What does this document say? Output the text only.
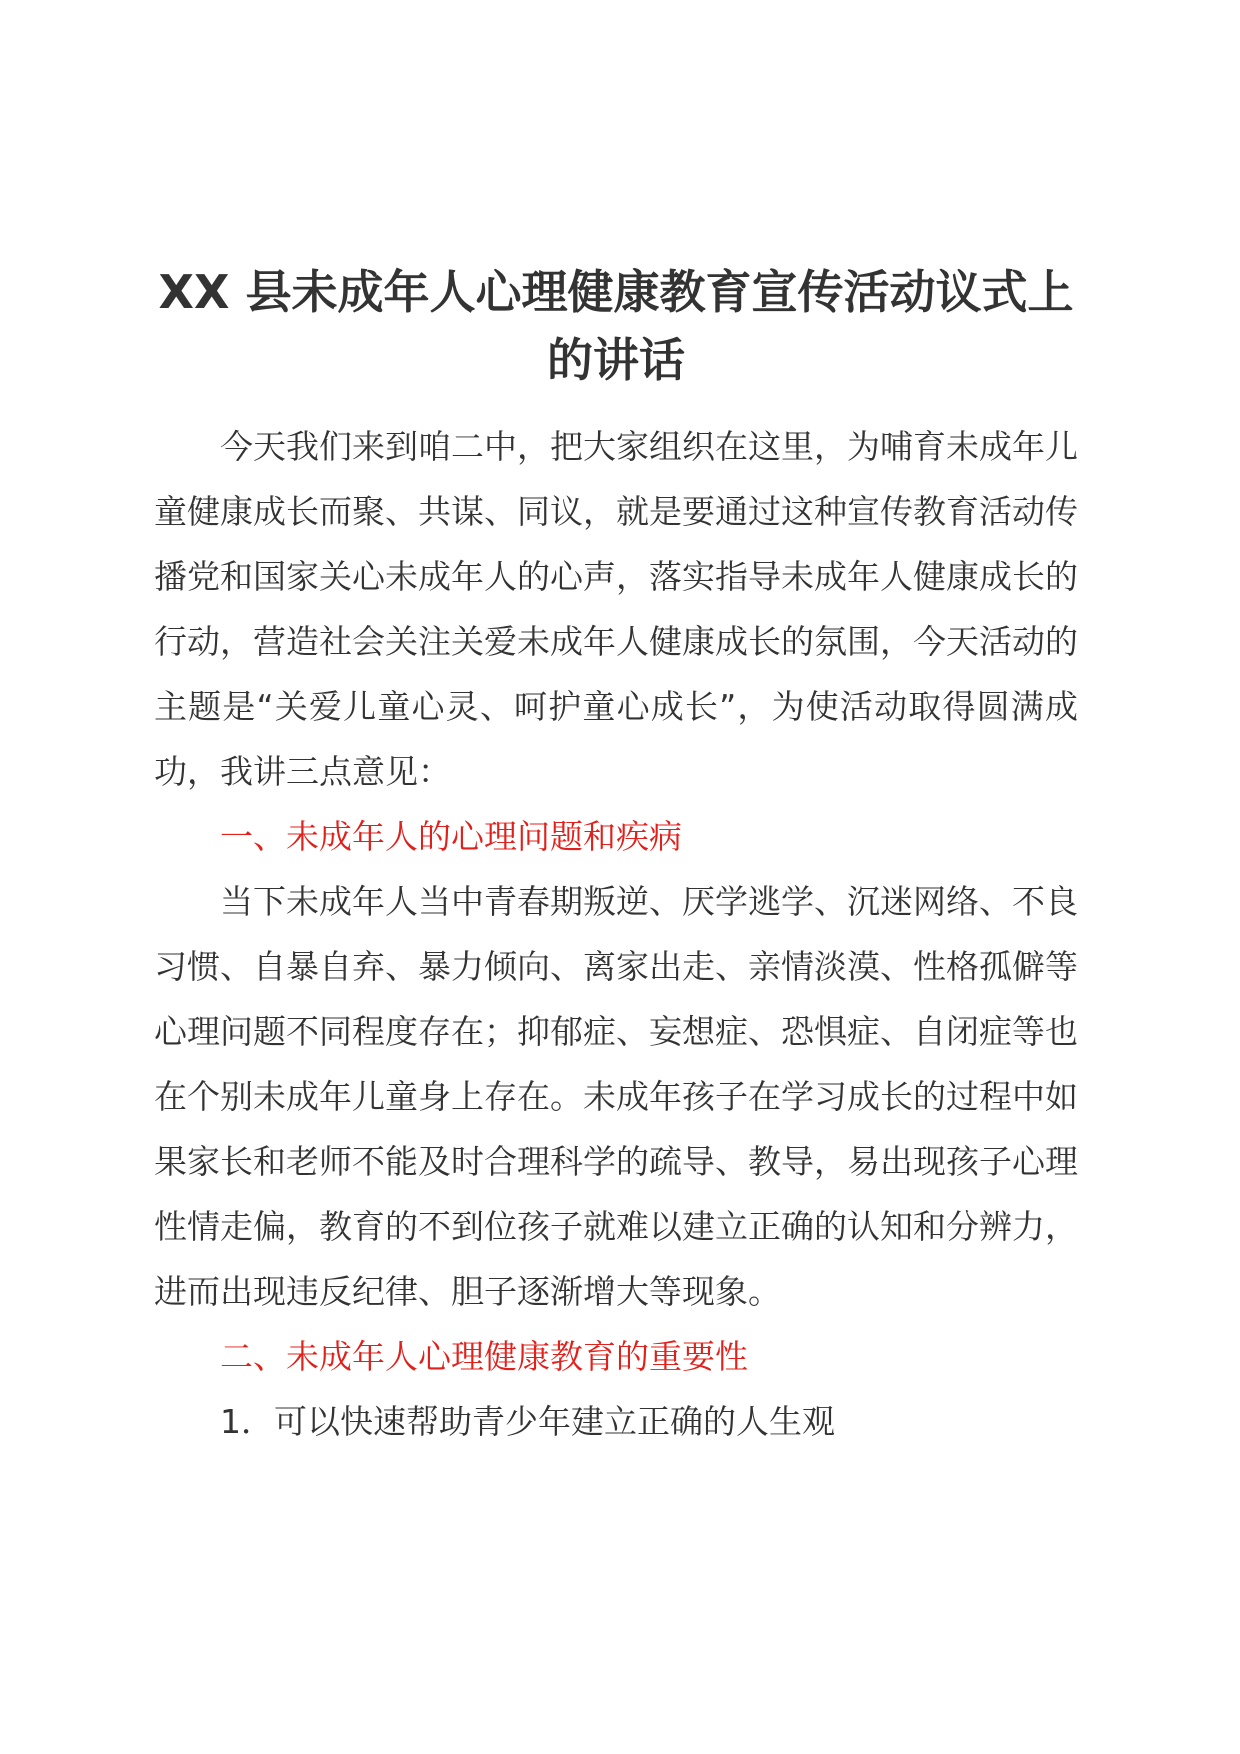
XX 县未成年人心理健康教育宣传活动议式上
的讲话

今天我们来到咱二中，把大家组织在这里，为哺育未成年儿童健康成长而聚、共谋、同议，就是要通过这种宣传教育活动传播党和国家关心未成年人的心声，落实指导未成年人健康成长的行动，营造社会关注关爱未成年人健康成长的氛围，今天活动的主题是“关爱儿童心灵、呵护童心成长”，为使活动取得圆满成功，我讲三点意见：

一、未成年人的心理问题和疾病

当下未成年人当中青春期叛逆、厌学逃学、沉迷网络、不良习惯、自暴自弃、暴力倾向、离家出走、亲情淡漠、性格孤僻等心理问题不同程度存在；抑郁症、妄想症、恐惧症、自闭症等也在个别未成年儿童身上存在。未成年孩子在学习成长的过程中如果家长和老师不能及时合理科学的疏导、教导，易出现孩子心理性情走偏，教育的不到位孩子就难以建立正确的认知和分辨力，进而出现违反纪律、胆子逐渐增大等现象。

二、未成年人心理健康教育的重要性

1．可以快速帮助青少年建立正确的人生观
